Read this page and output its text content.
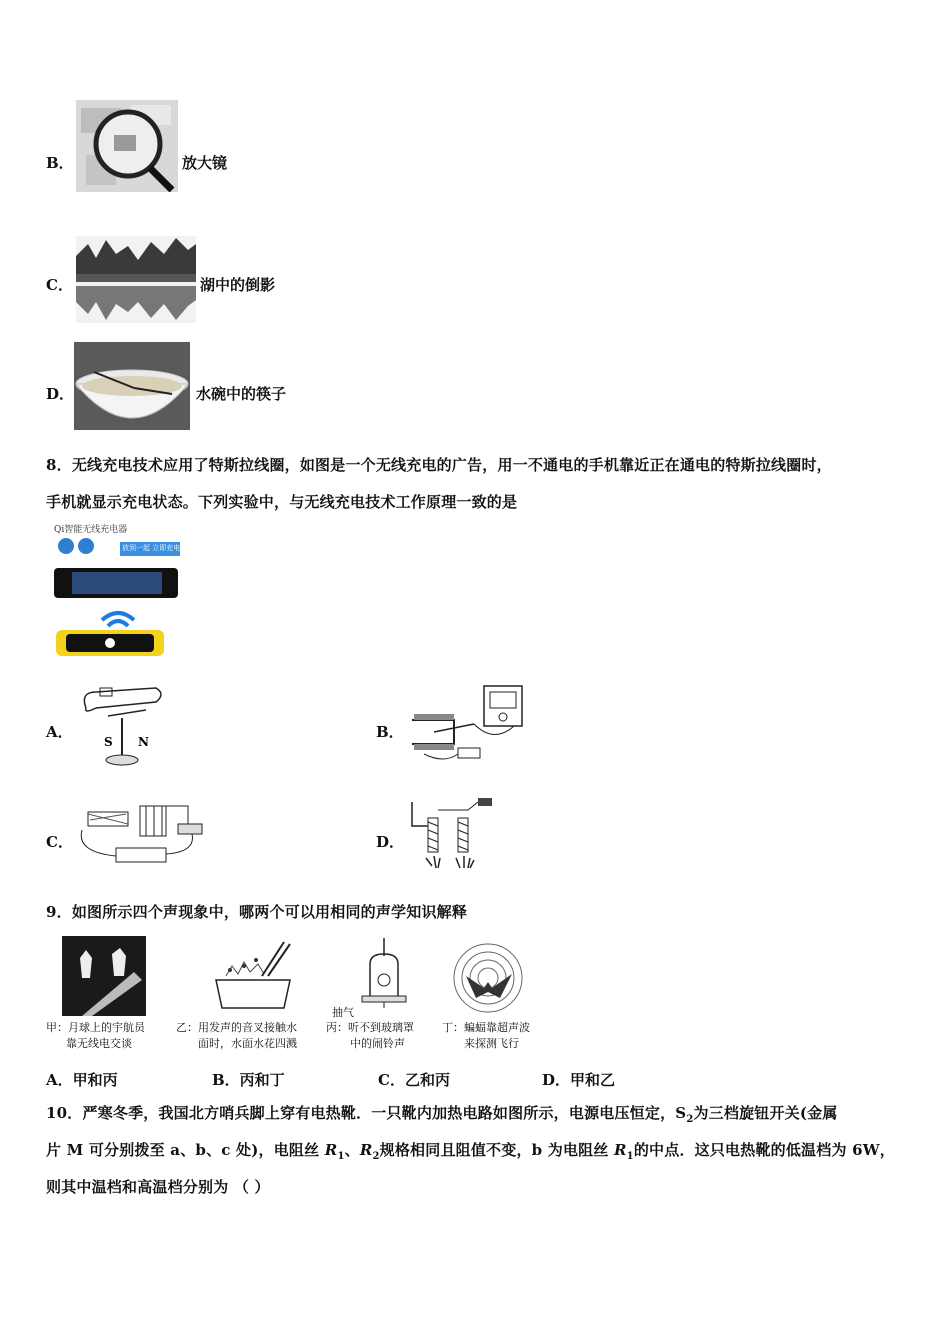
B．	放大镜
C．	湖中的倒影
D．	水碗中的筷子
8．无线充电技术应用了特斯拉线圈，如图是一个无线充电的广告，用一不通电的手机靠近正在通电的特斯拉线圈时，
手机就显示充电状态。下列实验中，与无线充电技术工作原理一致的是
Qi智能无线充电器
放到一起 立即充电
A．
S N
B．
C．	D．
9．如图所示四个声现象中，哪两个可以用相同的声学知识解释
甲：月球上的宇航员
靠无线电交谈
乙：用发声的音叉接触水
面时，水面水花四溅
抽气
丙：听不到玻璃罩
中的闹铃声
丁：蝙蝠靠超声波
来探测飞行
A．甲和丙	B．丙和丁	C．乙和丙	D．甲和乙
10．严寒冬季，我国北方哨兵脚上穿有电热靴．一只靴内加热电路如图所示，电源电压恒定，$S_2$为三档旋钮开关(金属
片 M 可分别拨至 a、b、c 处)，电阻丝 $R_1$、$R_2$规格相同且阻值不变，b 为电阻丝 $R_1$的中点．这只电热靴的低温档为 6W，
则其中温档和高温档分别为 （ ）
